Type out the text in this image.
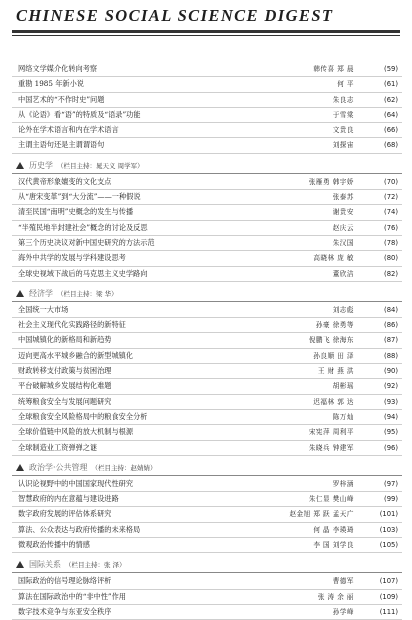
CHINESE SOCIAL SCIENCE DIGEST
网络文学媒介化转向考察	韩传喜 郑 晨	(59)
重勘 1985 年新小说	何 平	(61)
中国艺术的“不作时史”问题	朱良志	(62)
从《论语》看“语”的特质及“语录”功能	于雪棠	(64)
论外在学术语言和内在学术语言	文贵良	(66)
主谓主语句还是主谓谓语句	刘探宙	(68)
历史学 （栏目主持：晁天义 周学军）
汉代黄帝形象嬗变的文化支点	张雁勇 韩宇娇	(70)
从“唐宋变革”到“大分流”——一种假说	张泰苏	(72)
清至民国“南明”史概念的发生与传播	谢贵安	(74)
“半殖民地半封建社会”概念的讨论及反思	赵庆云	(76)
第三个历史决议对新中国史研究的方法示范	朱汉国	(78)
海外中共学的发展与学科建设思考	高晓林 庞 敏	(80)
全球史视域下战后的马克思主义史学路向	董欣洁	(82)
经济学 （栏目主持：梁 华）
全国统一大市场	刘志彪	(84)
社会主义现代化实践路径的新特征	孙豪 徐勇等	(86)
中国城镇化的新格局和新趋势	倪鹏飞 徐海东	(87)
迈向更高水平城乡融合的新型城镇化	孙良顺 田 泽	(88)
财政转移支付政策与贫困治理	王 财 燕 洪	(90)
平台破解城乡发展结构化难题	胡彬瑶	(92)
统筹粮食安全与发展问题研究	迟福林 郭 达	(93)
全球粮食安全风险格局中的粮食安全分析	陈万灿	(94)
全球价值链中风险的放大机制与根源	宋宪萍 周利平	(95)
全球制造业工资弹弹之谜	朱晓兵 钟建军	(96)
政治学·公共管理 （栏目主持：赵婧婧）
认识论视野中的中国国家现代性研究	罗梓涵	(97)
智慧政府的内在意蕴与建设进路	朱仁显 樊山峰	(99)
数字政府发展的评估体系研究	赵金旭 郑 跃 孟天广	(101)
算法、公众表达与政府传播的未来格局	何 晶 李瑛琦	(103)
微观政治传播中的情感	李 国 刘学良	(105)
国际关系 （栏目主持：张 泽）
国际政治的信号理论脉络评析	曹德军	(107)
算法在国际政治中的“非中性”作用	张 涛 余 丽	(109)
数字技术竞争与东亚安全秩序	孙学峰	(111)
